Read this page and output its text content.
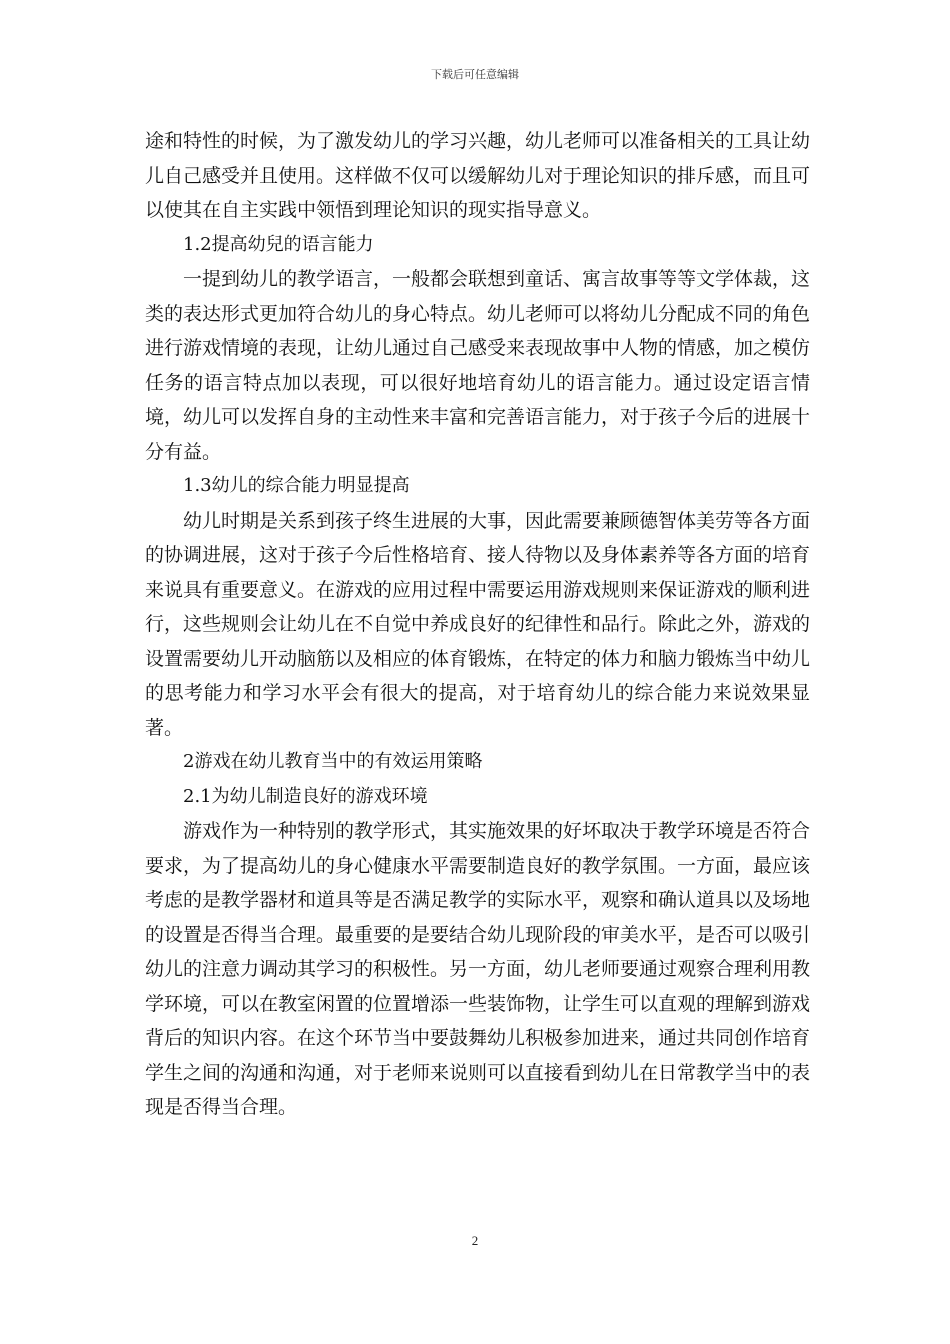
下载后可任意编辑

途和特性的时候，为了激发幼儿的学习兴趣，幼儿老师可以准备相关的工具让幼儿自己感受并且使用。这样做不仅可以缓解幼儿对于理论知识的排斥感，而且可以使其在自主实践中领悟到理论知识的现实指导意义。

1.2提高幼兒的语言能力

一提到幼儿的教学语言，一般都会联想到童话、寓言故事等等文学体裁，这类的表达形式更加符合幼儿的身心特点。幼儿老师可以将幼儿分配成不同的角色进行游戏情境的表现，让幼儿通过自己感受来表现故事中人物的情感，加之模仿任务的语言特点加以表现，可以很好地培育幼儿的语言能力。通过设定语言情境，幼儿可以发挥自身的主动性来丰富和完善语言能力，对于孩子今后的进展十分有益。

1.3幼儿的综合能力明显提高

幼儿时期是关系到孩子终生进展的大事，因此需要兼顾德智体美劳等各方面的协调进展，这对于孩子今后性格培育、接人待物以及身体素养等各方面的培育来说具有重要意义。在游戏的应用过程中需要运用游戏规则来保证游戏的顺利进行，这些规则会让幼儿在不自觉中养成良好的纪律性和品行。除此之外，游戏的设置需要幼儿开动脑筋以及相应的体育锻炼，在特定的体力和脑力锻炼当中幼儿的思考能力和学习水平会有很大的提高，对于培育幼儿的综合能力来说效果显著。

2游戏在幼儿教育当中的有效运用策略

2.1为幼儿制造良好的游戏环境

游戏作为一种特别的教学形式，其实施效果的好坏取决于教学环境是否符合要求，为了提高幼儿的身心健康水平需要制造良好的教学氛围。一方面，最应该考虑的是教学器材和道具等是否满足教学的实际水平，观察和确认道具以及场地的设置是否得当合理。最重要的是要结合幼儿现阶段的审美水平，是否可以吸引幼儿的注意力调动其学习的积极性。另一方面，幼儿老师要通过观察合理利用教学环境，可以在教室闲置的位置增添一些装饰物，让学生可以直观的理解到游戏背后的知识内容。在这个环节当中要鼓舞幼儿积极参加进来，通过共同创作培育学生之间的沟通和沟通，对于老师来说则可以直接看到幼儿在日常教学当中的表现是否得当合理。

2
